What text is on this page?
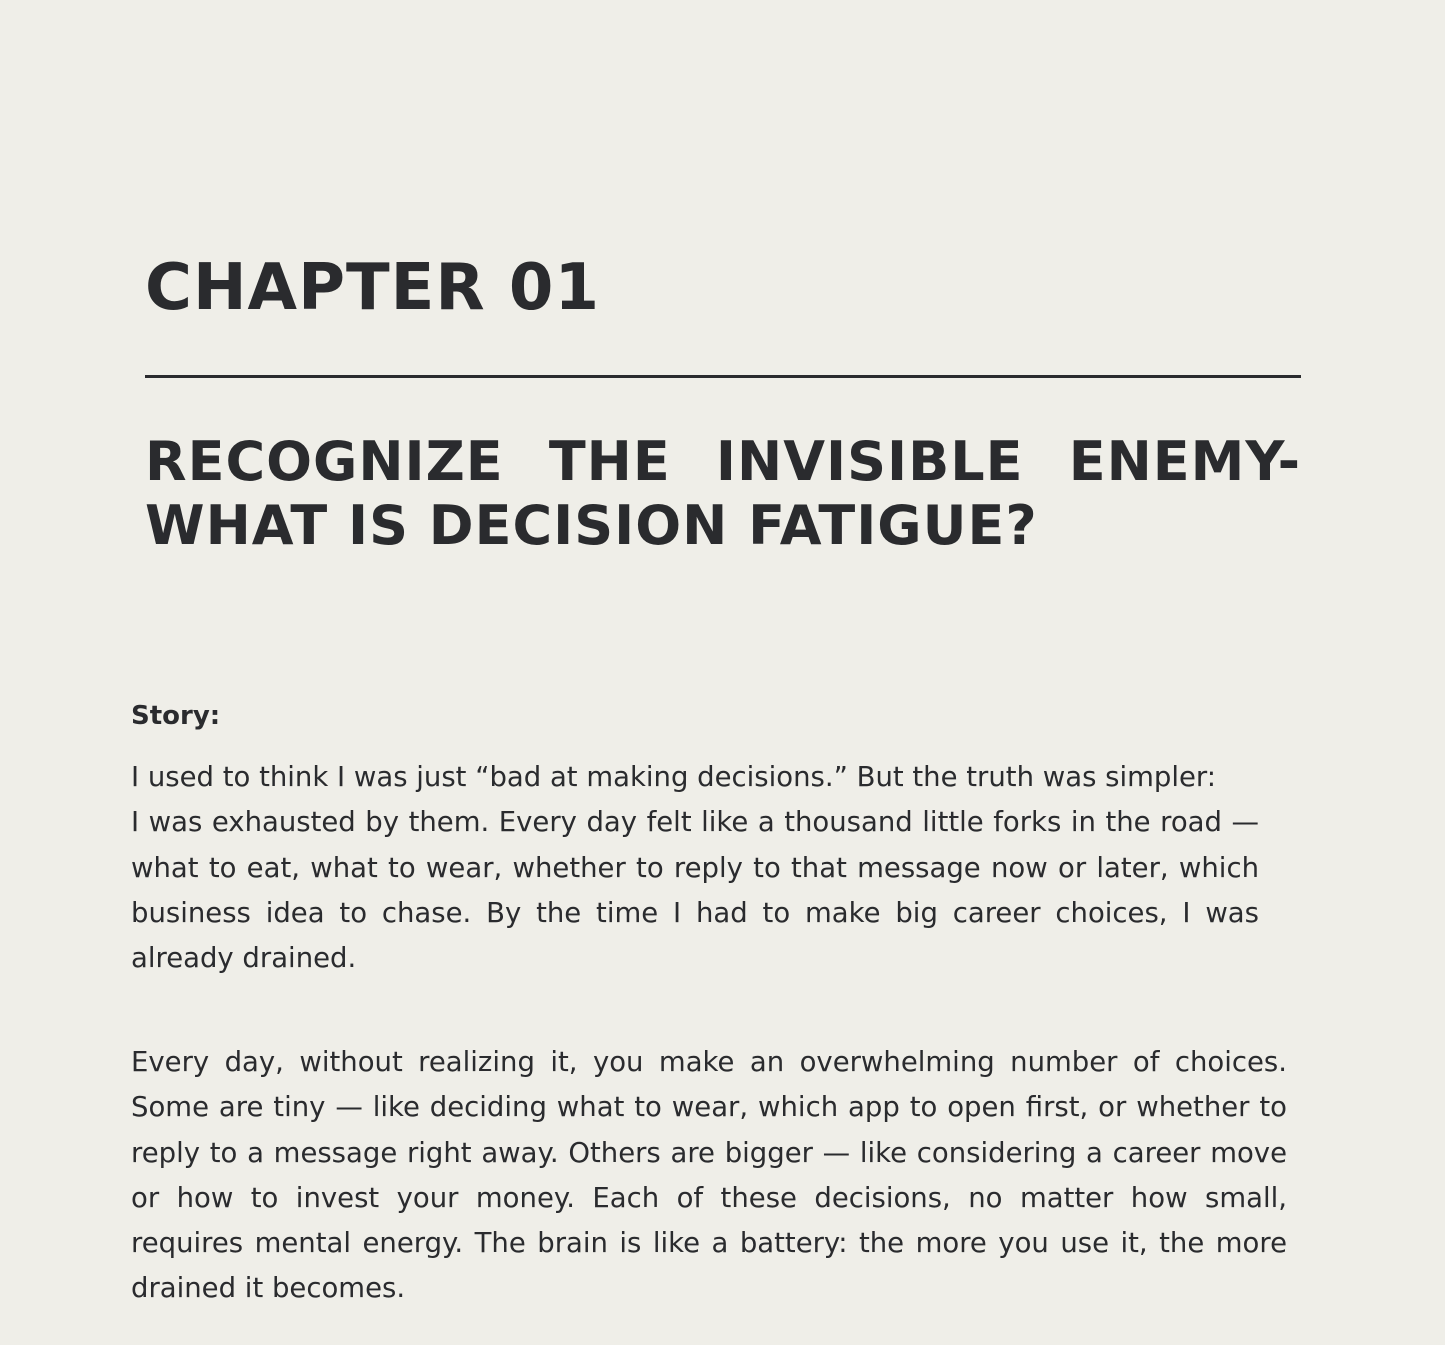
CHAPTER 01
RECOGNIZE THE INVISIBLE ENEMY-
WHAT IS DECISION FATIGUE?

Story:

I used to think I was just “bad at making decisions.” But the truth was simpler:
I was exhausted by them. Every day felt like a thousand little forks in the road — what to eat, what to wear, whether to reply to that message now or later, which business idea to chase. By the time I had to make big career choices, I was already drained.

Every day, without realizing it, you make an overwhelming number of choices. Some are tiny — like deciding what to wear, which app to open first, or whether to reply to a message right away. Others are bigger — like considering a career move or how to invest your money. Each of these decisions, no matter how small, requires mental energy. The brain is like a battery: the more you use it, the more drained it becomes.
